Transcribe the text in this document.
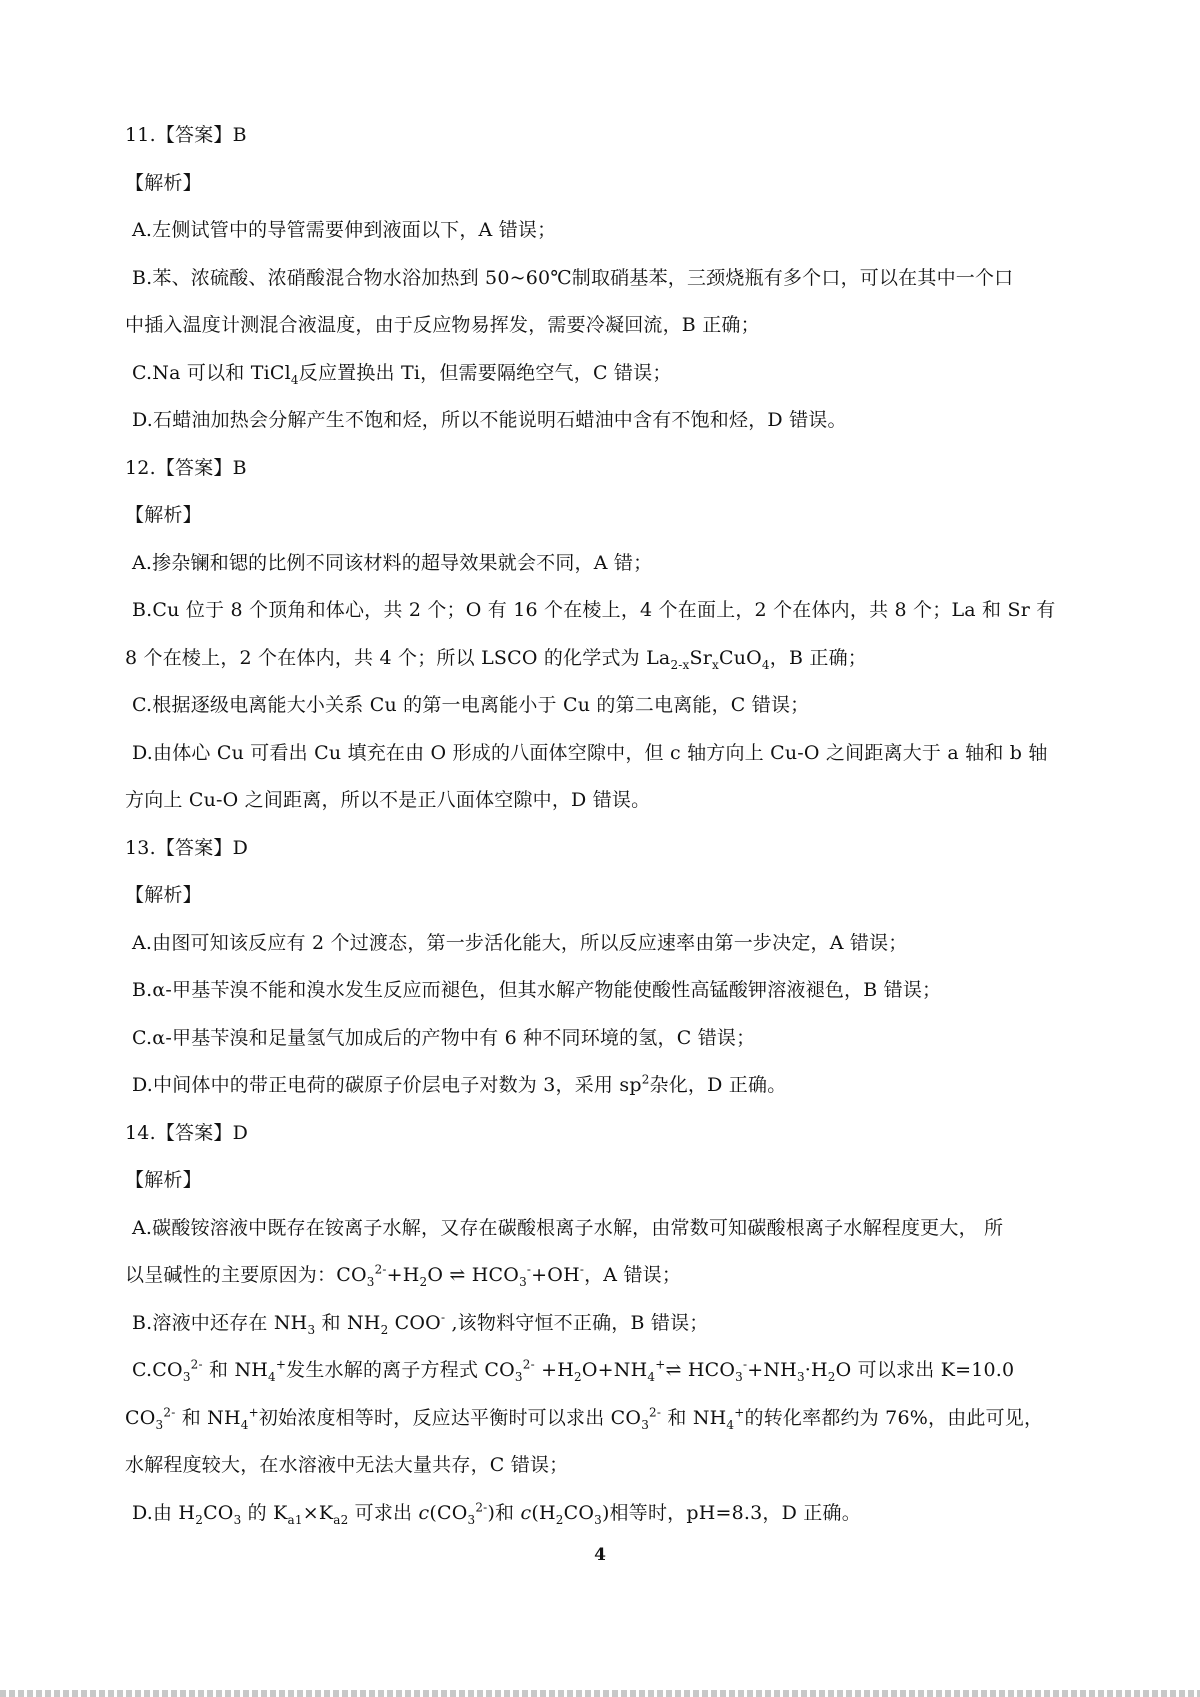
11.【答案】B
【解析】
A.左侧试管中的导管需要伸到液面以下，A 错误；
B.苯、浓硫酸、浓硝酸混合物水浴加热到 50~60℃制取硝基苯，三颈烧瓶有多个口，可以在其中一个口
中插入温度计测混合液温度，由于反应物易挥发，需要冷凝回流，B 正确；
C.Na 可以和 TiCl$_4$反应置换出 Ti，但需要隔绝空气，C 错误；
D.石蜡油加热会分解产生不饱和烃，所以不能说明石蜡油中含有不饱和烃，D 错误。
12.【答案】B
【解析】
A.掺杂镧和锶的比例不同该材料的超导效果就会不同，A 错；
B.Cu 位于 8 个顶角和体心，共 2 个；O 有 16 个在棱上，4 个在面上，2 个在体内，共 8 个；La 和 Sr 有
8 个在棱上，2 个在体内，共 4 个；所以 LSCO 的化学式为 $La_{2-x}Sr_xCuO_4$，B 正确；
C.根据逐级电离能大小关系 Cu 的第一电离能小于 Cu 的第二电离能，C 错误；
D.由体心 Cu 可看出 Cu 填充在由 O 形成的八面体空隙中，但 c 轴方向上 Cu-O 之间距离大于 a 轴和 b 轴
方向上 Cu-O 之间距离，所以不是正八面体空隙中，D 错误。
13.【答案】D
【解析】
A.由图可知该反应有 2 个过渡态，第一步活化能大，所以反应速率由第一步决定，A 错误；
B.α-甲基苄溴不能和溴水发生反应而褪色，但其水解产物能使酸性高锰酸钾溶液褪色，B 错误；
C.α-甲基苄溴和足量氢气加成后的产物中有 6 种不同环境的氢，C 错误；
D.中间体中的带正电荷的碳原子价层电子对数为 3，采用 $sp^2$杂化，D 正确。
14.【答案】D
【解析】
A.碳酸铵溶液中既存在铵离子水解，又存在碳酸根离子水解，由常数可知碳酸根离子水解程度更大， 所
以呈碱性的主要原因为：$CO_3^{2-}+H_2O$ ⇌ $HCO_3^-+OH^-$，A 错误；
B.溶液中还存在 $NH_3$ 和 $NH_2$ COO- ,该物料守恒不正确，B 错误；
$C.CO_3^{2-}$ 和 $NH_4^+$发生水解的离子方程式 $CO_3^{2-}$ $+H_2O+NH_4^+\rightleftharpoons$ $HCO_3^-+NH_3\cdot H_2O$ 可以求出 K=10.0
$CO_3^{2-}$ 和 $NH_4^+$初始浓度相等时，反应达平衡时可以求出 $CO_3^{2-}$ 和 $NH_4^+$的转化率都约为 76%，由此可见，
水解程度较大，在水溶液中无法大量共存，C 错误；
D.由 $H_2CO_3$ 的 $K_{a1}\times K_{a2}$ 可求出 $c(CO_3^{2-})$和 $c(H_2CO_3)$相等时，pH=8.3，D 正确。
4
